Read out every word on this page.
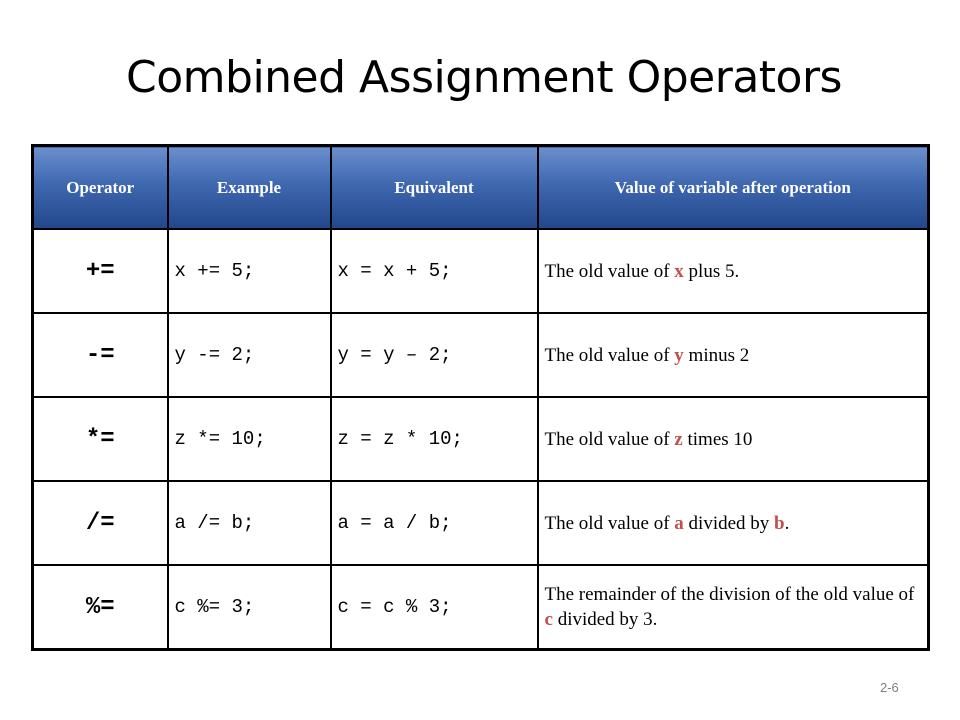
Combined Assignment Operators
Operator	Example	Equivalent	Value of variable after operation
+=	x += 5;	x = x + 5;	The old value of x plus 5.
-=	y -= 2;	y = y – 2;	The old value of y minus 2
*=	z *= 10;	z = z * 10;	The old value of z times 10
/=	a /= b;	a = a / b;	The old value of a divided by b.
%=	c %= 3;	c = c % 3;	The remainder of the division of the old value of c divided by 3.
2-6
